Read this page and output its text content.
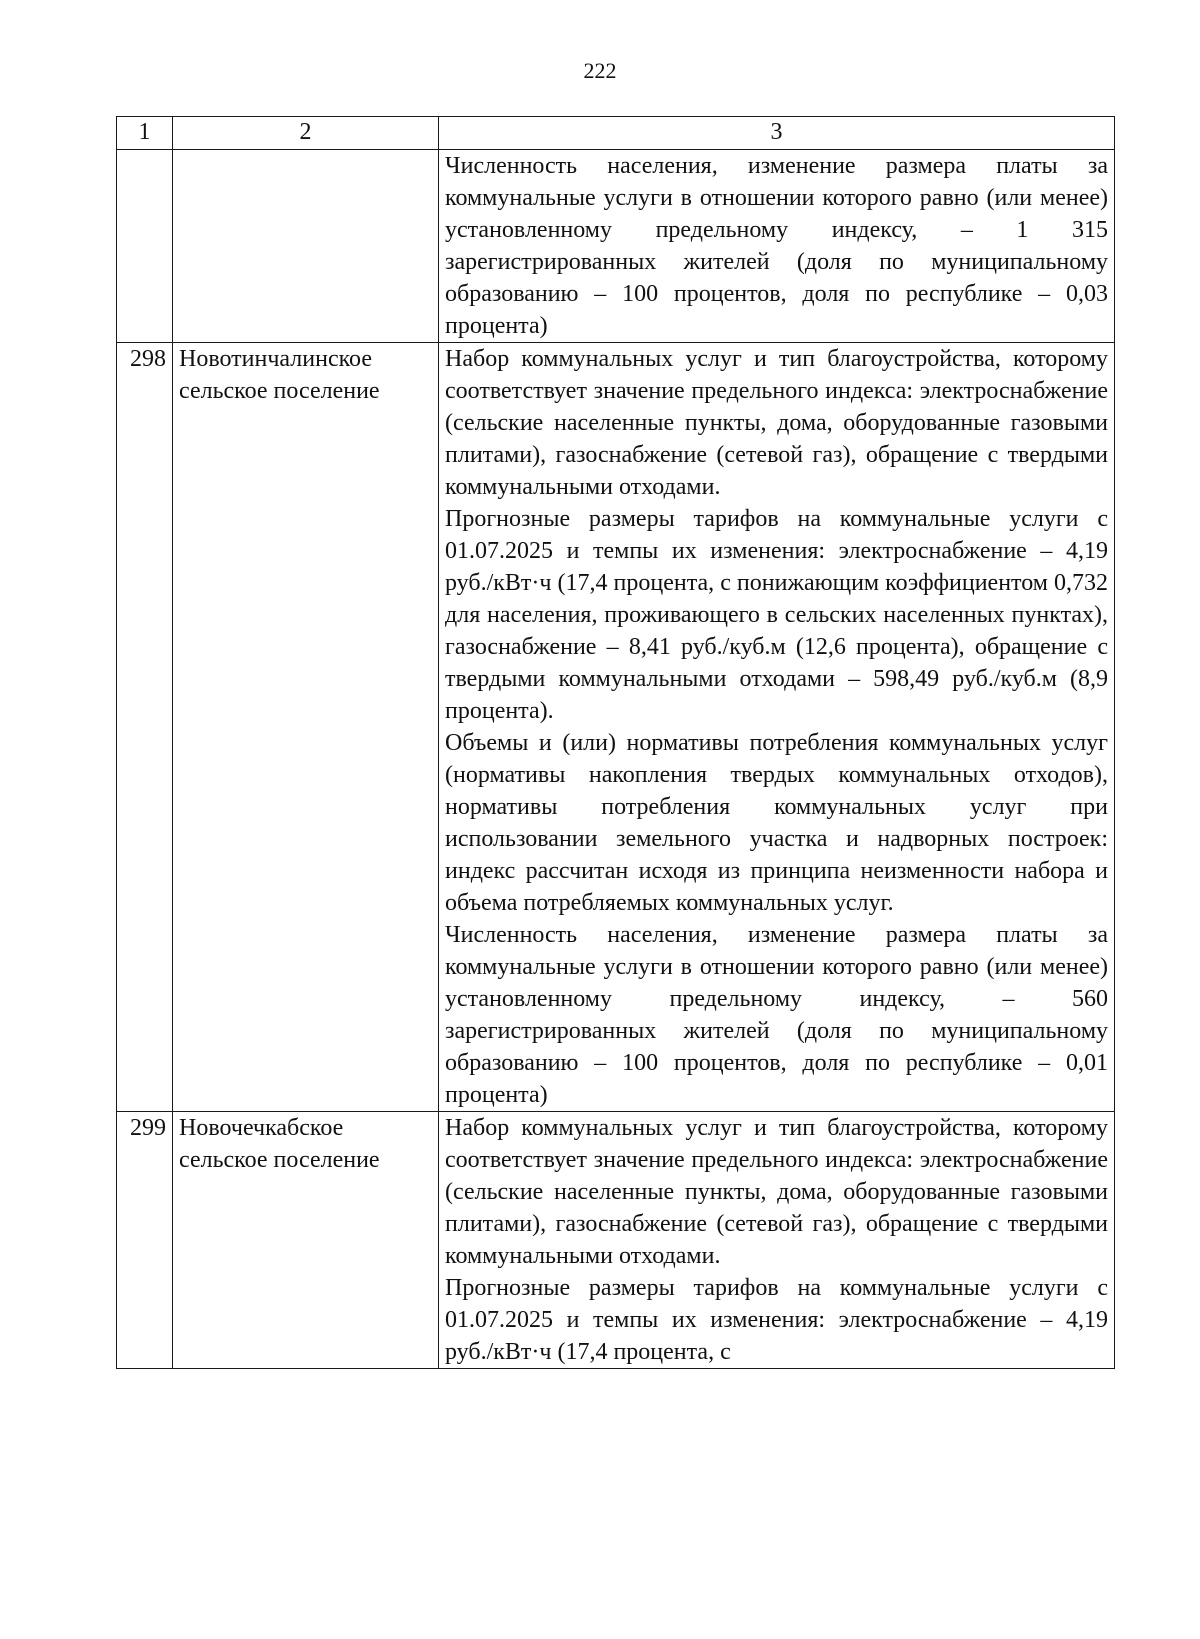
222
1	2	3

		Численность населения, изменение размера платы за коммунальные услуги в отношении которого равно (или менее) установленному предельному индексу, – 1 315 зарегистрированных жителей (доля по муниципальному образованию – 100 процентов, доля по республике – 0,03 процента)

298	Новотинчалинское сельское поселение	Набор коммунальных услуг и тип благоустройства, которому соответствует значение предельного индекса: электроснабжение (сельские населенные пункты, дома, оборудованные газовыми плитами), газоснабжение (сетевой газ), обращение с твердыми коммунальными отходами.

Прогнозные размеры тарифов на коммунальные услуги с 01.07.2025 и темпы их изменения: электроснабжение – 4,19 руб./кВт·ч (17,4 процента, с понижающим коэффициентом 0,732 для населения, проживающего в сельских населенных пунктах), газоснабжение – 8,41 руб./куб.м (12,6 процента), обращение с твердыми коммунальными отходами – 598,49 руб./куб.м (8,9 процента).

Объемы и (или) нормативы потребления коммунальных услуг (нормативы накопления твердых коммунальных отходов), нормативы потребления коммунальных услуг при использовании земельного участка и надворных построек: индекс рассчитан исходя из принципа неизменности набора и объема потребляемых коммунальных услуг.

Численность населения, изменение размера платы за коммунальные услуги в отношении которого равно (или менее) установленному предельному индексу, – 560 зарегистрированных жителей (доля по муниципальному образованию – 100 процентов, доля по республике – 0,01 процента)

299	Новочечкабское сельское поселение	Набор коммунальных услуг и тип благоустройства, которому соответствует значение предельного индекса: электроснабжение (сельские населенные пункты, дома, оборудованные газовыми плитами), газоснабжение (сетевой газ), обращение с твердыми коммунальными отходами.

Прогнозные размеры тарифов на коммунальные услуги с 01.07.2025 и темпы их изменения: электроснабжение – 4,19 руб./кВт·ч (17,4 процента, с
